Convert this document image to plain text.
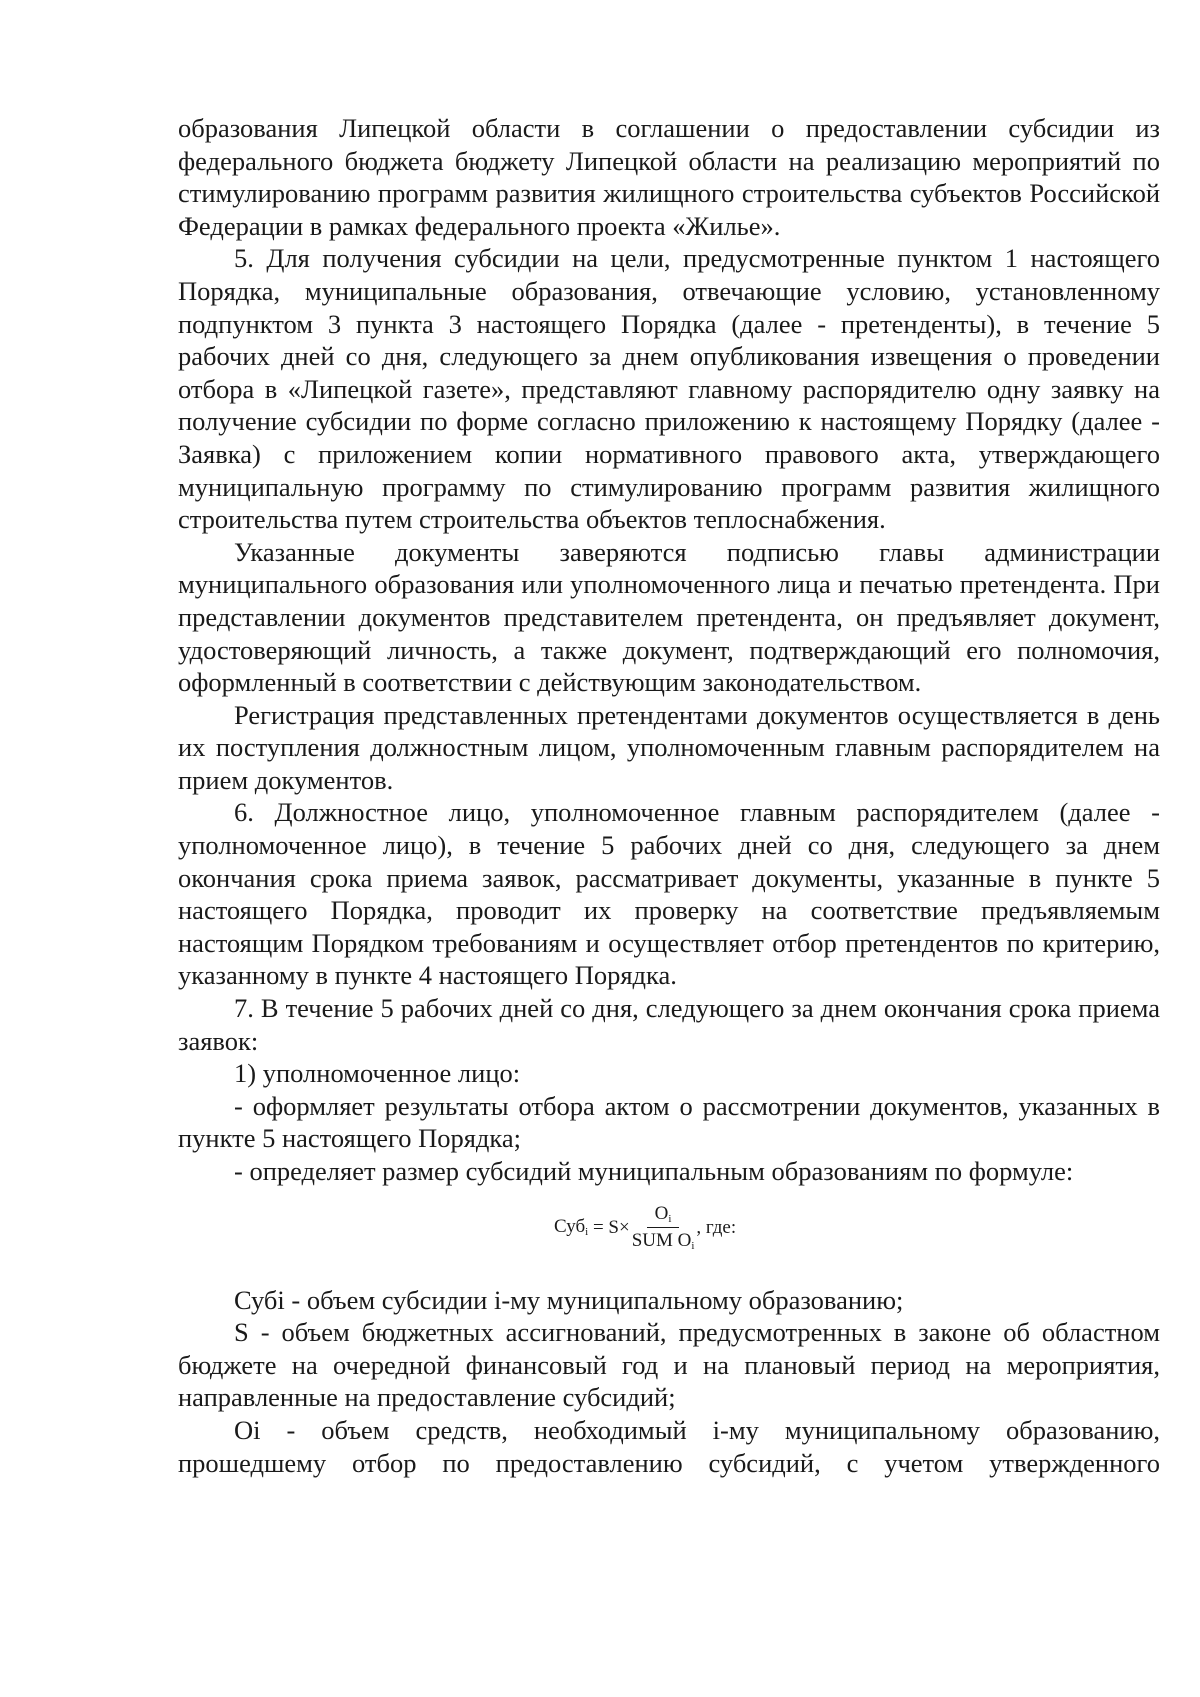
образования Липецкой области в соглашении о предоставлении субсидии из федерального бюджета бюджету Липецкой области на реализацию мероприятий по стимулированию программ развития жилищного строительства субъектов Российской Федерации в рамках федерального проекта «Жилье».

5. Для получения субсидии на цели, предусмотренные пунктом 1 настоящего Порядка, муниципальные образования, отвечающие условию, установленному подпунктом 3 пункта 3 настоящего Порядка (далее - претенденты), в течение 5 рабочих дней со дня, следующего за днем опубликования извещения о проведении отбора в «Липецкой газете», представляют главному распорядителю одну заявку на получение субсидии по форме согласно приложению к настоящему Порядку (далее - Заявка) с приложением копии нормативного правового акта, утверждающего муниципальную программу по стимулированию программ развития жилищного строительства путем строительства объектов теплоснабжения.

Указанные документы заверяются подписью главы администрации муниципального образования или уполномоченного лица и печатью претендента. При представлении документов представителем претендента, он предъявляет документ, удостоверяющий личность, а также документ, подтверждающий его полномочия, оформленный в соответствии с действующим законодательством.

Регистрация представленных претендентами документов осуществляется в день их поступления должностным лицом, уполномоченным главным распорядителем на прием документов.

6. Должностное лицо, уполномоченное главным распорядителем (далее - уполномоченное лицо), в течение 5 рабочих дней со дня, следующего за днем окончания срока приема заявок, рассматривает документы, указанные в пункте 5 настоящего Порядка, проводит их проверку на соответствие предъявляемым настоящим Порядком требованиям и осуществляет отбор претендентов по критерию, указанному в пункте 4 настоящего Порядка.

7. В течение 5 рабочих дней со дня, следующего за днем окончания срока приема заявок:

1) уполномоченное лицо:

- оформляет результаты отбора актом о рассмотрении документов, указанных в пункте 5 настоящего Порядка;

- определяет размер субсидий муниципальным образованиям по формуле:

$Суб_i = S\times \frac{O_i}{SUM O_i}$ , где:

Субi - объем субсидии i-му муниципальному образованию;

S - объем бюджетных ассигнований, предусмотренных в законе об областном бюджете на очередной финансовый год и на плановый период на мероприятия, направленные на предоставление субсидий;

Oi - объем средств, необходимый i-му муниципальному образованию, прошедшему отбор по предоставлению субсидий, с учетом утвержденного
